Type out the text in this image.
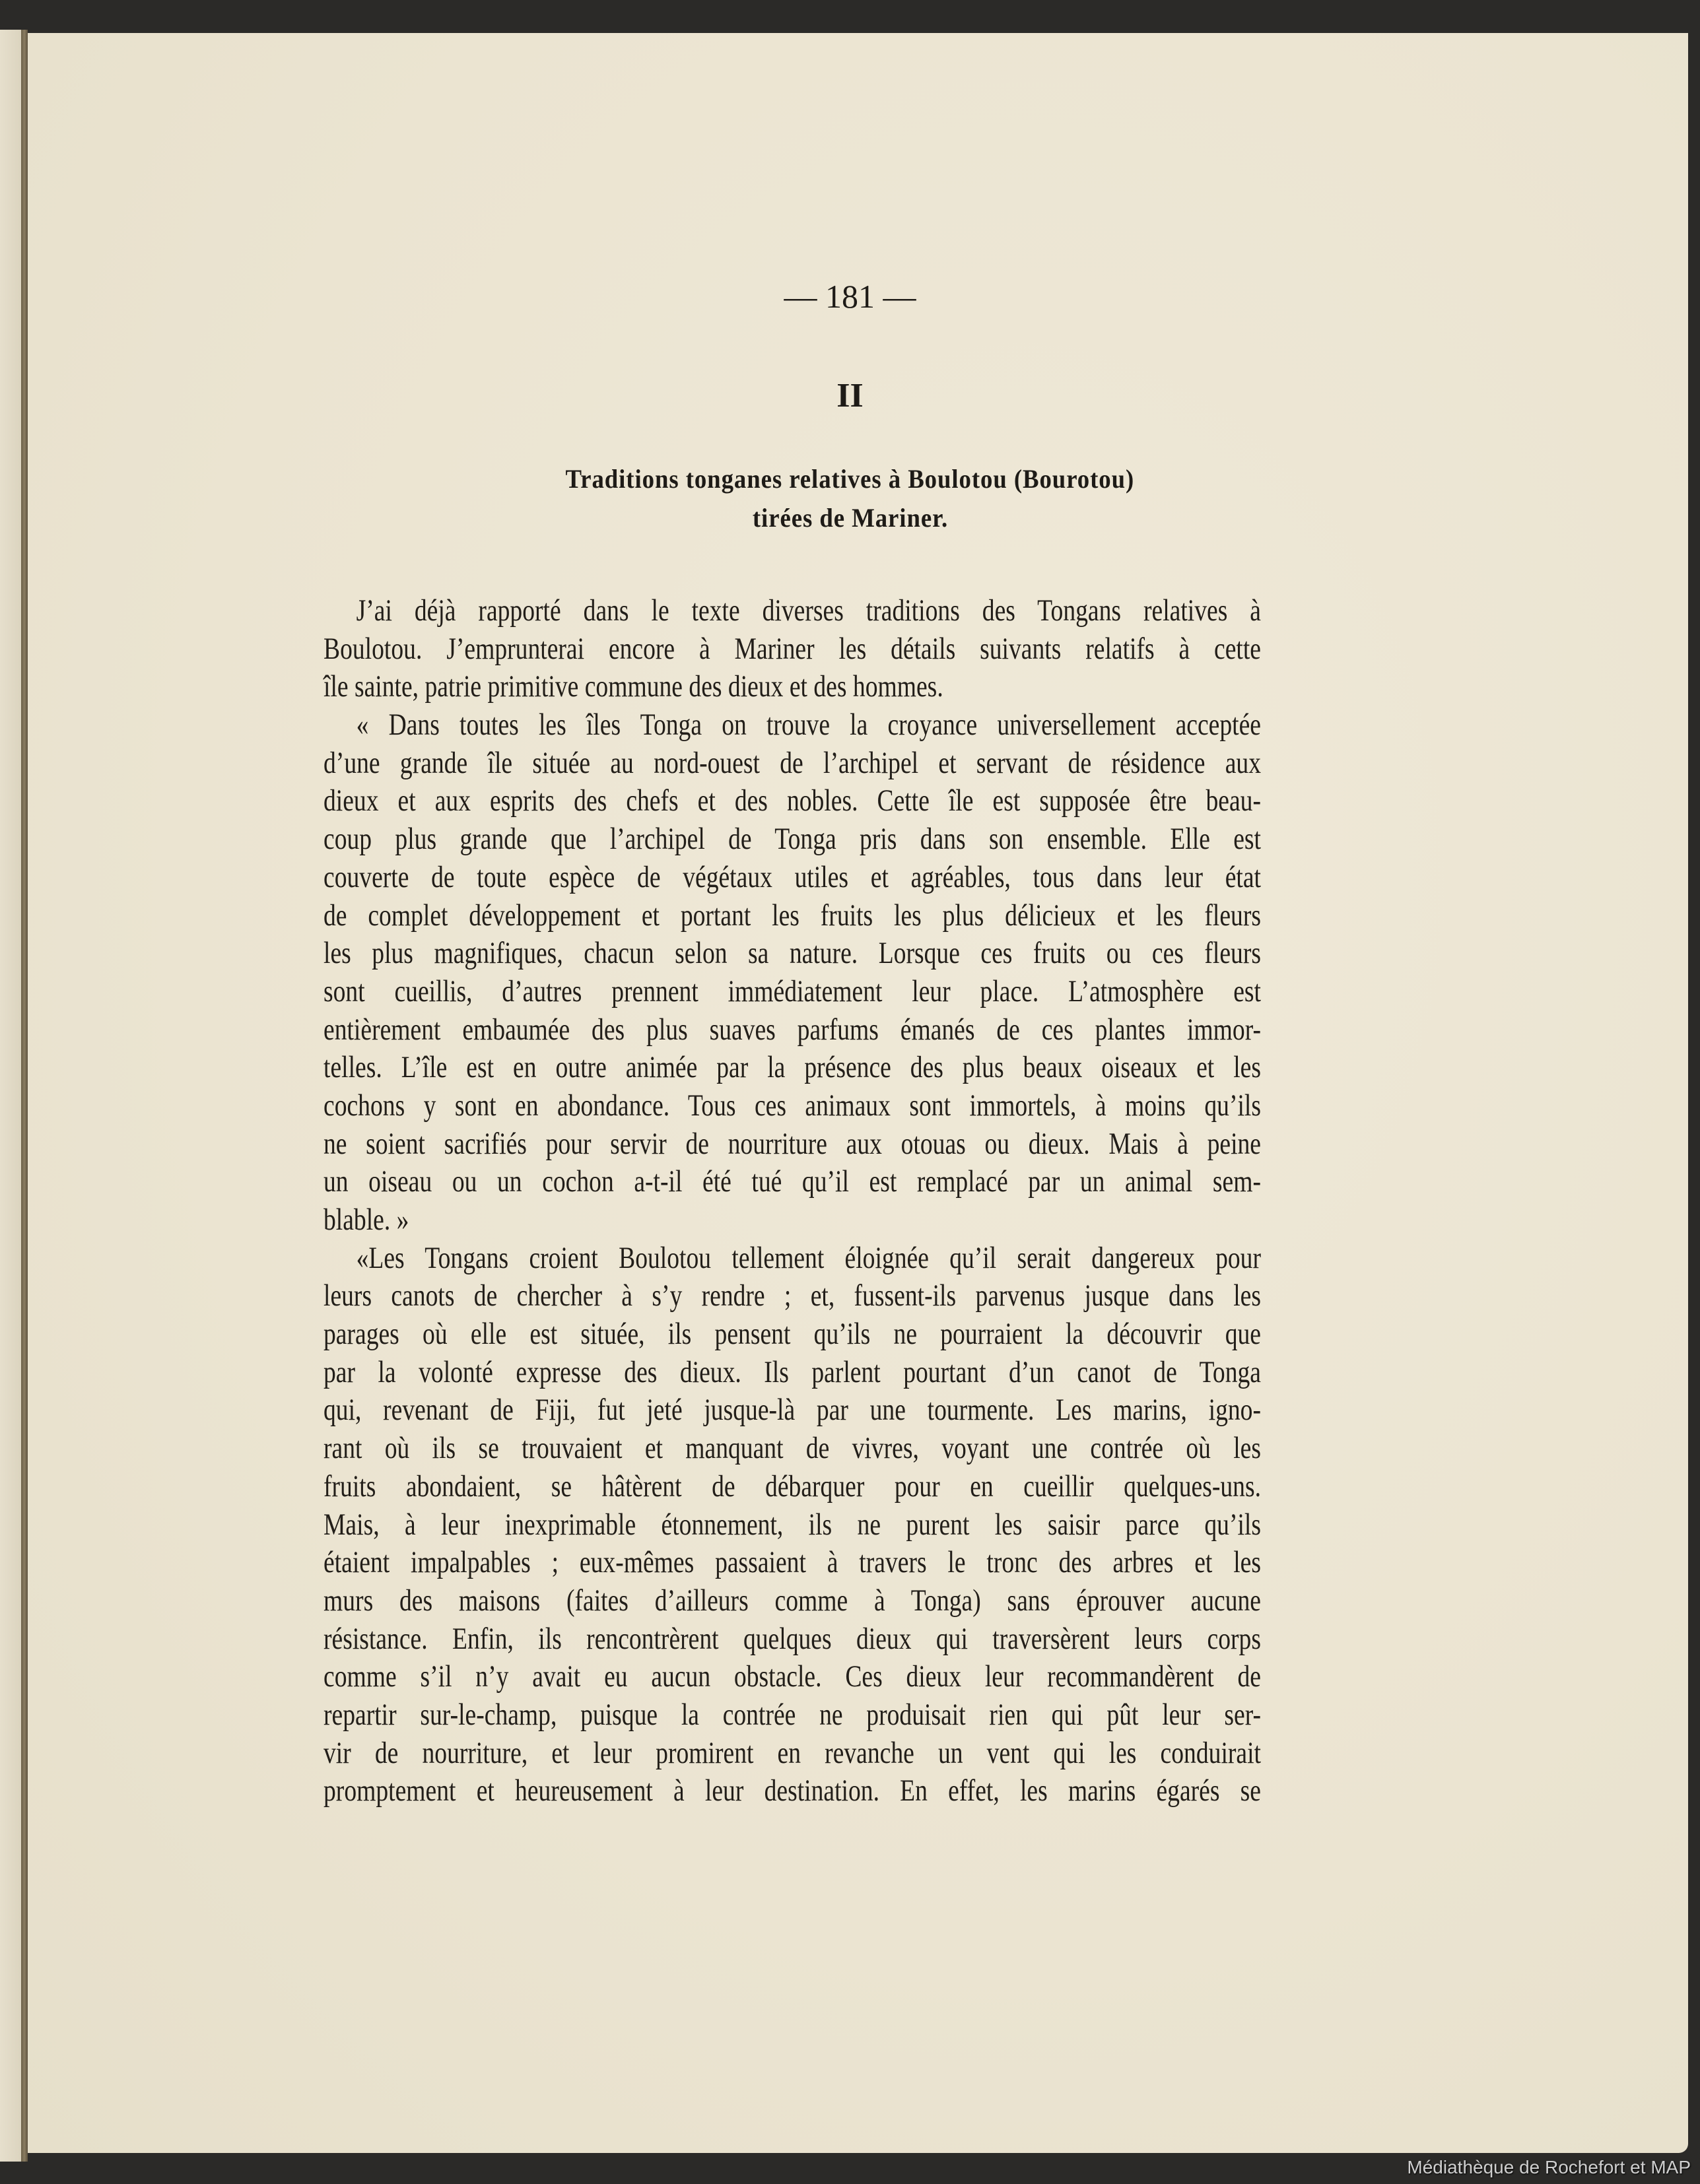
— 181 —
II
Traditions tonganes relatives à Boulotou (Bourotou)
tirées de Mariner.
J’ai déjà rapporté dans le texte diverses traditions des Tongans relatives à
Boulotou. J’emprunterai encore à Mariner les détails suivants relatifs à cette
île sainte, patrie primitive commune des dieux et des hommes.
« Dans toutes les îles Tonga on trouve la croyance universellement acceptée
d’une grande île située au nord-ouest de l’archipel et servant de résidence aux
dieux et aux esprits des chefs et des nobles. Cette île est supposée être beau-
coup plus grande que l’archipel de Tonga pris dans son ensemble. Elle est
couverte de toute espèce de végétaux utiles et agréables, tous dans leur état
de complet développement et portant les fruits les plus délicieux et les fleurs
les plus magnifiques, chacun selon sa nature. Lorsque ces fruits ou ces fleurs
sont cueillis, d’autres prennent immédiatement leur place. L’atmosphère est
entièrement embaumée des plus suaves parfums émanés de ces plantes immor-
telles. L’île est en outre animée par la présence des plus beaux oiseaux et les
cochons y sont en abondance. Tous ces animaux sont immortels, à moins qu’ils
ne soient sacrifiés pour servir de nourriture aux otouas ou dieux. Mais à peine
un oiseau ou un cochon a-t-il été tué qu’il est remplacé par un animal sem-
blable. »
«Les Tongans croient Boulotou tellement éloignée qu’il serait dangereux pour
leurs canots de chercher à s’y rendre ; et, fussent-ils parvenus jusque dans les
parages où elle est située, ils pensent qu’ils ne pourraient la découvrir que
par la volonté expresse des dieux. Ils parlent pourtant d’un canot de Tonga
qui, revenant de Fiji, fut jeté jusque-là par une tourmente. Les marins, igno-
rant où ils se trouvaient et manquant de vivres, voyant une contrée où les
fruits abondaient, se hâtèrent de débarquer pour en cueillir quelques-uns.
Mais, à leur inexprimable étonnement, ils ne purent les saisir parce qu’ils
étaient impalpables ; eux-mêmes passaient à travers le tronc des arbres et les
murs des maisons (faites d’ailleurs comme à Tonga) sans éprouver aucune
résistance. Enfin, ils rencontrèrent quelques dieux qui traversèrent leurs corps
comme s’il n’y avait eu aucun obstacle. Ces dieux leur recommandèrent de
repartir sur-le-champ, puisque la contrée ne produisait rien qui pût leur ser-
vir de nourriture, et leur promirent en revanche un vent qui les conduirait
promptement et heureusement à leur destination. En effet, les marins égarés se
Médiathèque de Rochefort et MAP
